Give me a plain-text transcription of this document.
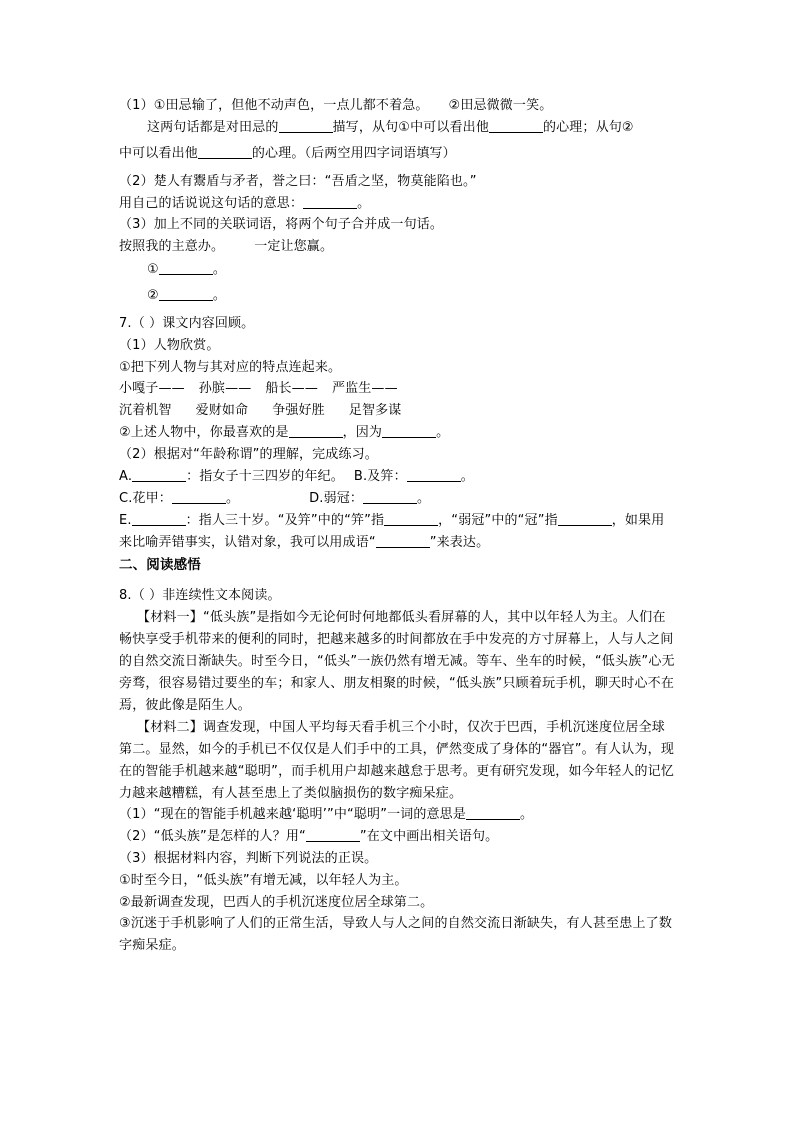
（1）①田忌输了，但他不动声色，一点儿都不着急。 ②田忌微微一笑。
这两句话都是对田忌的	描写，从句①中可以看出他	的心理；从句②
中可以看出他	的心理。（后两空用四字词语填写）
（2）楚人有鬻盾与矛者，誉之曰：“吾盾之坚，物莫能陷也。”
用自己的话说说这句话的意思：	。
（3）加上不同的关联词语，将两个句子合并成一句话。
按照我的主意办。 一定让您赢。
①	。
②	。
7.（ ）课文内容回顾。
（1）人物欣赏。
①把下列人物与其对应的特点连起来。
小嘎子—— 孙膑—— 船长—— 严监生——
沉着机智 爱财如命 争强好胜 足智多谋
②上述人物中，你最喜欢的是	，因为	。
（2）根据对“年龄称谓”的理解，完成练习。
A.	：指女子十三四岁的年纪。 B.及笄：	。
C.花甲：	。	D.弱冠：	。
E.	：指人三十岁。“及笄”中的“笄”指	，“弱冠”中的“冠”指	，如果用
来比喻弄错事实，认错对象，我可以用成语“	”来表达。
二、阅读感悟
8.（ ）非连续性文本阅读。
【材料一】“低头族”是指如今无论何时何地都低头看屏幕的人，其中以年轻人为主。人们在畅快享受手机带来的便利的同时，把越来越多的时间都放在手中发亮的方寸屏幕上，人与人之间的自然交流日渐缺失。时至今日，“低头”一族仍然有增无减。等车、坐车的时候，“低头族”心无旁骛，很容易错过要坐的车；和家人、朋友相聚的时候，“低头族”只顾着玩手机，聊天时心不在焉，彼此像是陌生人。
【材料二】调查发现，中国人平均每天看手机三个小时，仅次于巴西，手机沉迷度位居全球第二。显然，如今的手机已不仅仅是人们手中的工具，俨然变成了身体的“器官”。有人认为，现在的智能手机越来越“聪明”，而手机用户却越来越怠于思考。更有研究发现，如今年轻人的记忆力越来越糟糕，有人甚至患上了类似脑损伤的数字痴呆症。
（1）“现在的智能手机越来越‘聪明’”中“聪明”一词的意思是	。
（2）“低头族”是怎样的人？用“	”在文中画出相关语句。
（3）根据材料内容，判断下列说法的正误。
①时至今日，“低头族”有增无减，以年轻人为主。
②最新调查发现，巴西人的手机沉迷度位居全球第二。
③沉迷于手机影响了人们的正常生活，导致人与人之间的自然交流日渐缺失，有人甚至患上了数字痴呆症。
